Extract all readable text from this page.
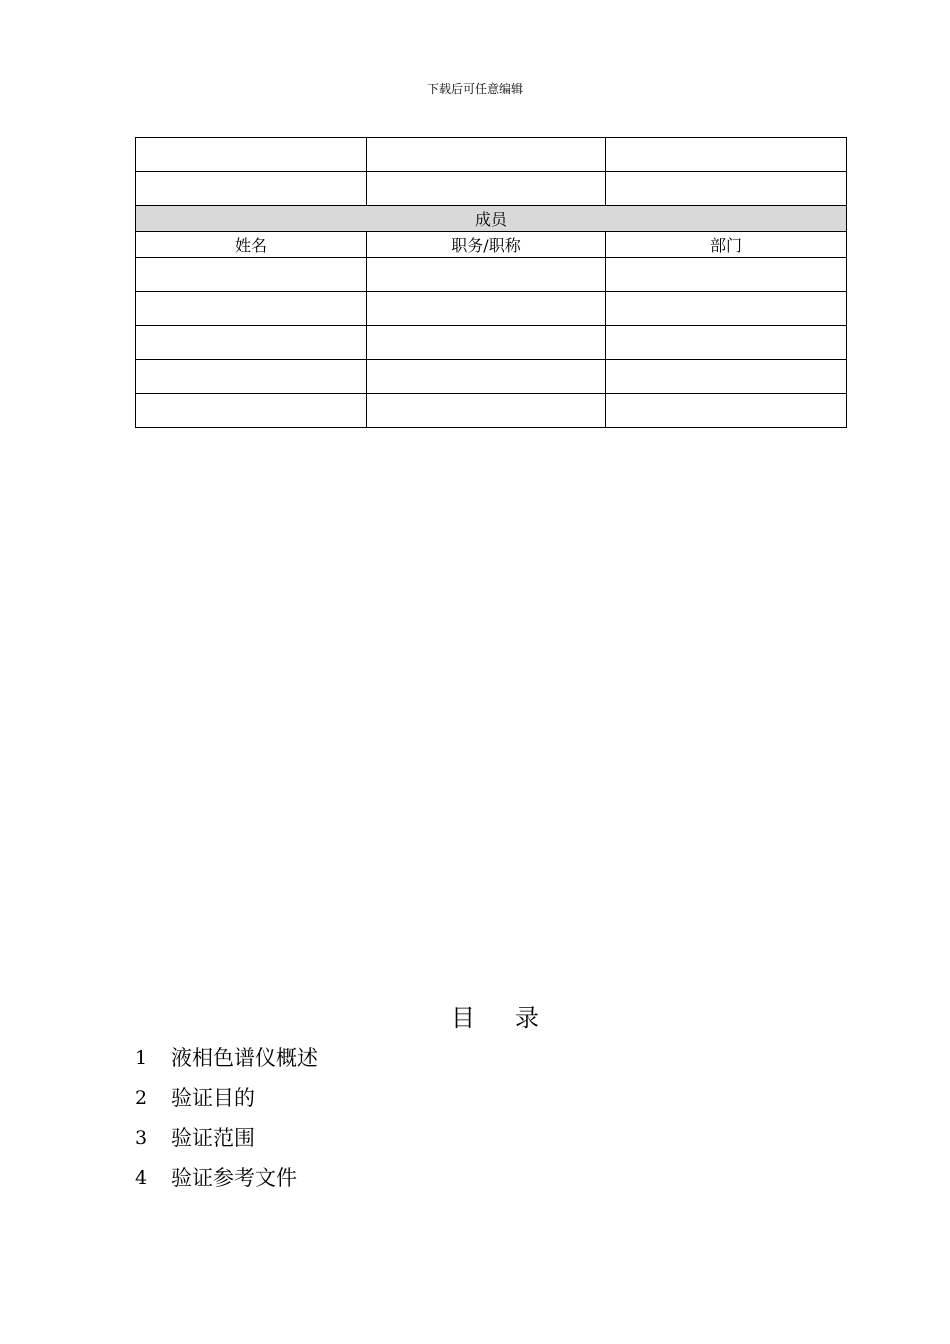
下载后可任意编辑

成员		
姓名	职务/职称	部门

目 录
1	液相色谱仪概述
2	验证目的
3	验证范围
4	验证参考文件
